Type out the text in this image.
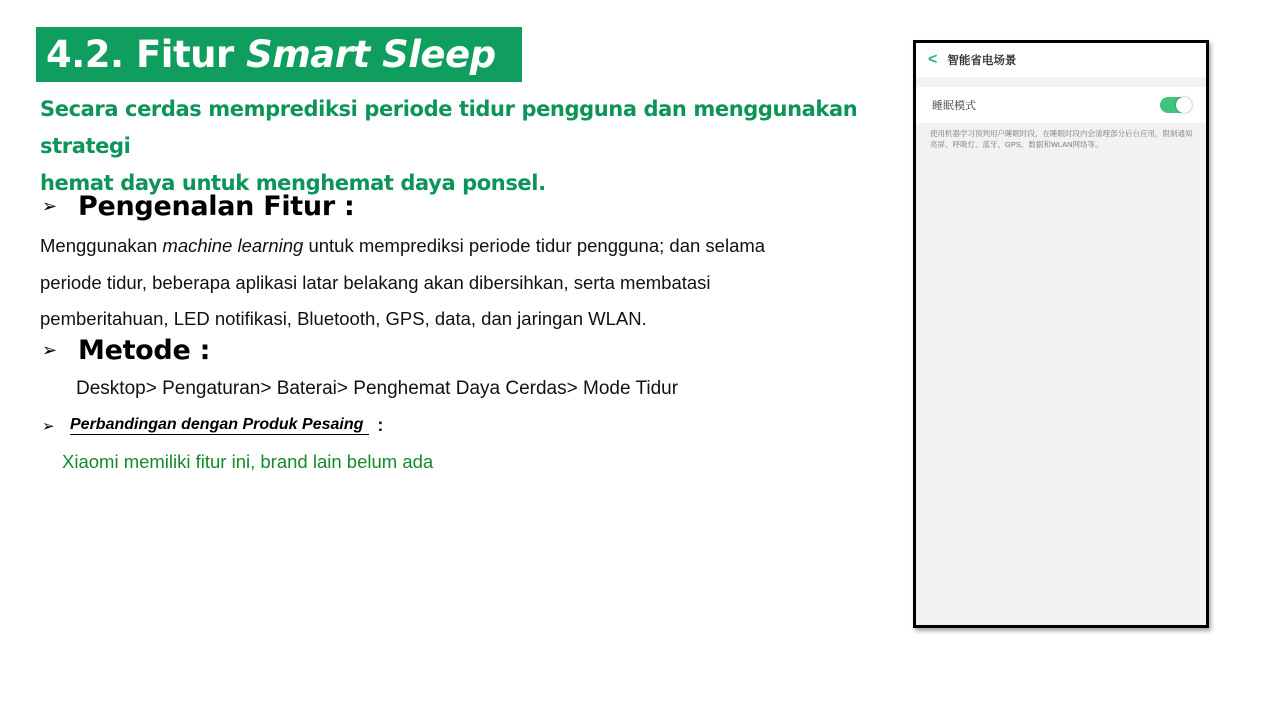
4.2. Fitur Smart Sleep

Secara cerdas memprediksi periode tidur pengguna dan menggunakan strategi
hemat daya untuk menghemat daya ponsel.

➢ Pengenalan Fitur :

Menggunakan machine learning untuk memprediksi periode tidur pengguna; dan selama
periode tidur, beberapa aplikasi latar belakang akan dibersihkan, serta membatasi
pemberitahuan, LED notifikasi, Bluetooth, GPS, data, dan jaringan WLAN.

➢ Metode :
Desktop> Pengaturan> Baterai> Penghemat Daya Cerdas> Mode Tidur
➢ Perbandingan dengan Produk Pesaing :

Xiaomi memiliki fitur ini, brand lain belum ada

< 智能省电场景
睡眠模式

使用机器学习预判用户睡眠时段，在睡眠时段内会清理部分后台应用，限制通知亮屏、呼吸灯、蓝牙、GPS、数据和WLAN网络等。
